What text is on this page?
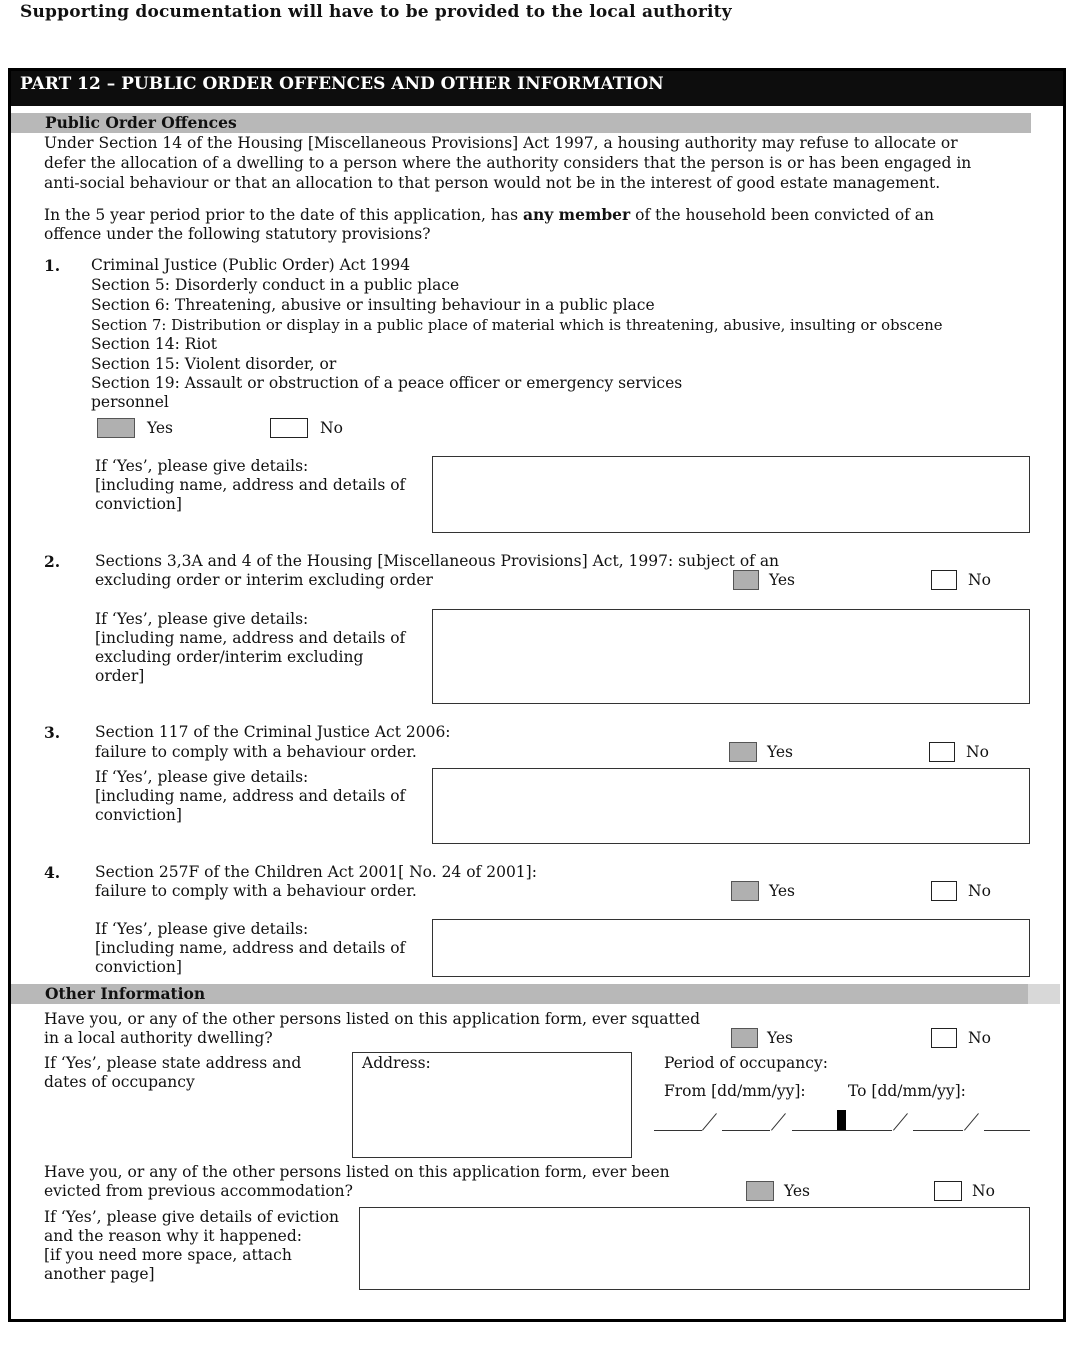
Supporting documentation will have to be provided to the local authority
PART 12 – PUBLIC ORDER OFFENCES AND OTHER INFORMATION
Public Order Offences
Under Section 14 of the Housing [Miscellaneous Provisions] Act 1997, a housing authority may refuse to allocate or
defer the allocation of a dwelling to a person where the authority considers that the person is or has been engaged in
anti-social behaviour or that an allocation to that person would not be in the interest of good estate management.
In the 5 year period prior to the date of this application, has any member of the household been convicted of an
offence under the following statutory provisions?
1. Criminal Justice (Public Order) Act 1994
Section 5: Disorderly conduct in a public place
Section 6: Threatening, abusive or insulting behaviour in a public place
Section 7: Distribution or display in a public place of material which is threatening, abusive, insulting or obscene
Section 14: Riot
Section 15: Violent disorder, or
Section 19: Assault or obstruction of a peace officer or emergency services
personnel
Yes	No
If ‘Yes’, please give details:
[including name, address and details of
conviction]
2. Sections 3,3A and 4 of the Housing [Miscellaneous Provisions] Act, 1997: subject of an
excluding order or interim excluding order	Yes	No
If ‘Yes’, please give details:
[including name, address and details of
excluding order/interim excluding
order]
3. Section 117 of the Criminal Justice Act 2006:
failure to comply with a behaviour order.	Yes	No
If ‘Yes’, please give details:
[including name, address and details of
conviction]
4. Section 257F of the Children Act 2001[ No. 24 of 2001]:
failure to comply with a behaviour order.	Yes	No
If ‘Yes’, please give details:
[including name, address and details of
conviction]
Other Information
Have you, or any of the other persons listed on this application form, ever squatted
in a local authority dwelling?	Yes	No
If ‘Yes’, please state address and
dates of occupancy
Address:	Period of occupancy:
From [dd/mm/yy]:	To [dd/mm/yy]:
Have you, or any of the other persons listed on this application form, ever been
evicted from previous accommodation?	Yes	No
If ‘Yes’, please give details of eviction
and the reason why it happened:
[if you need more space, attach
another page]
